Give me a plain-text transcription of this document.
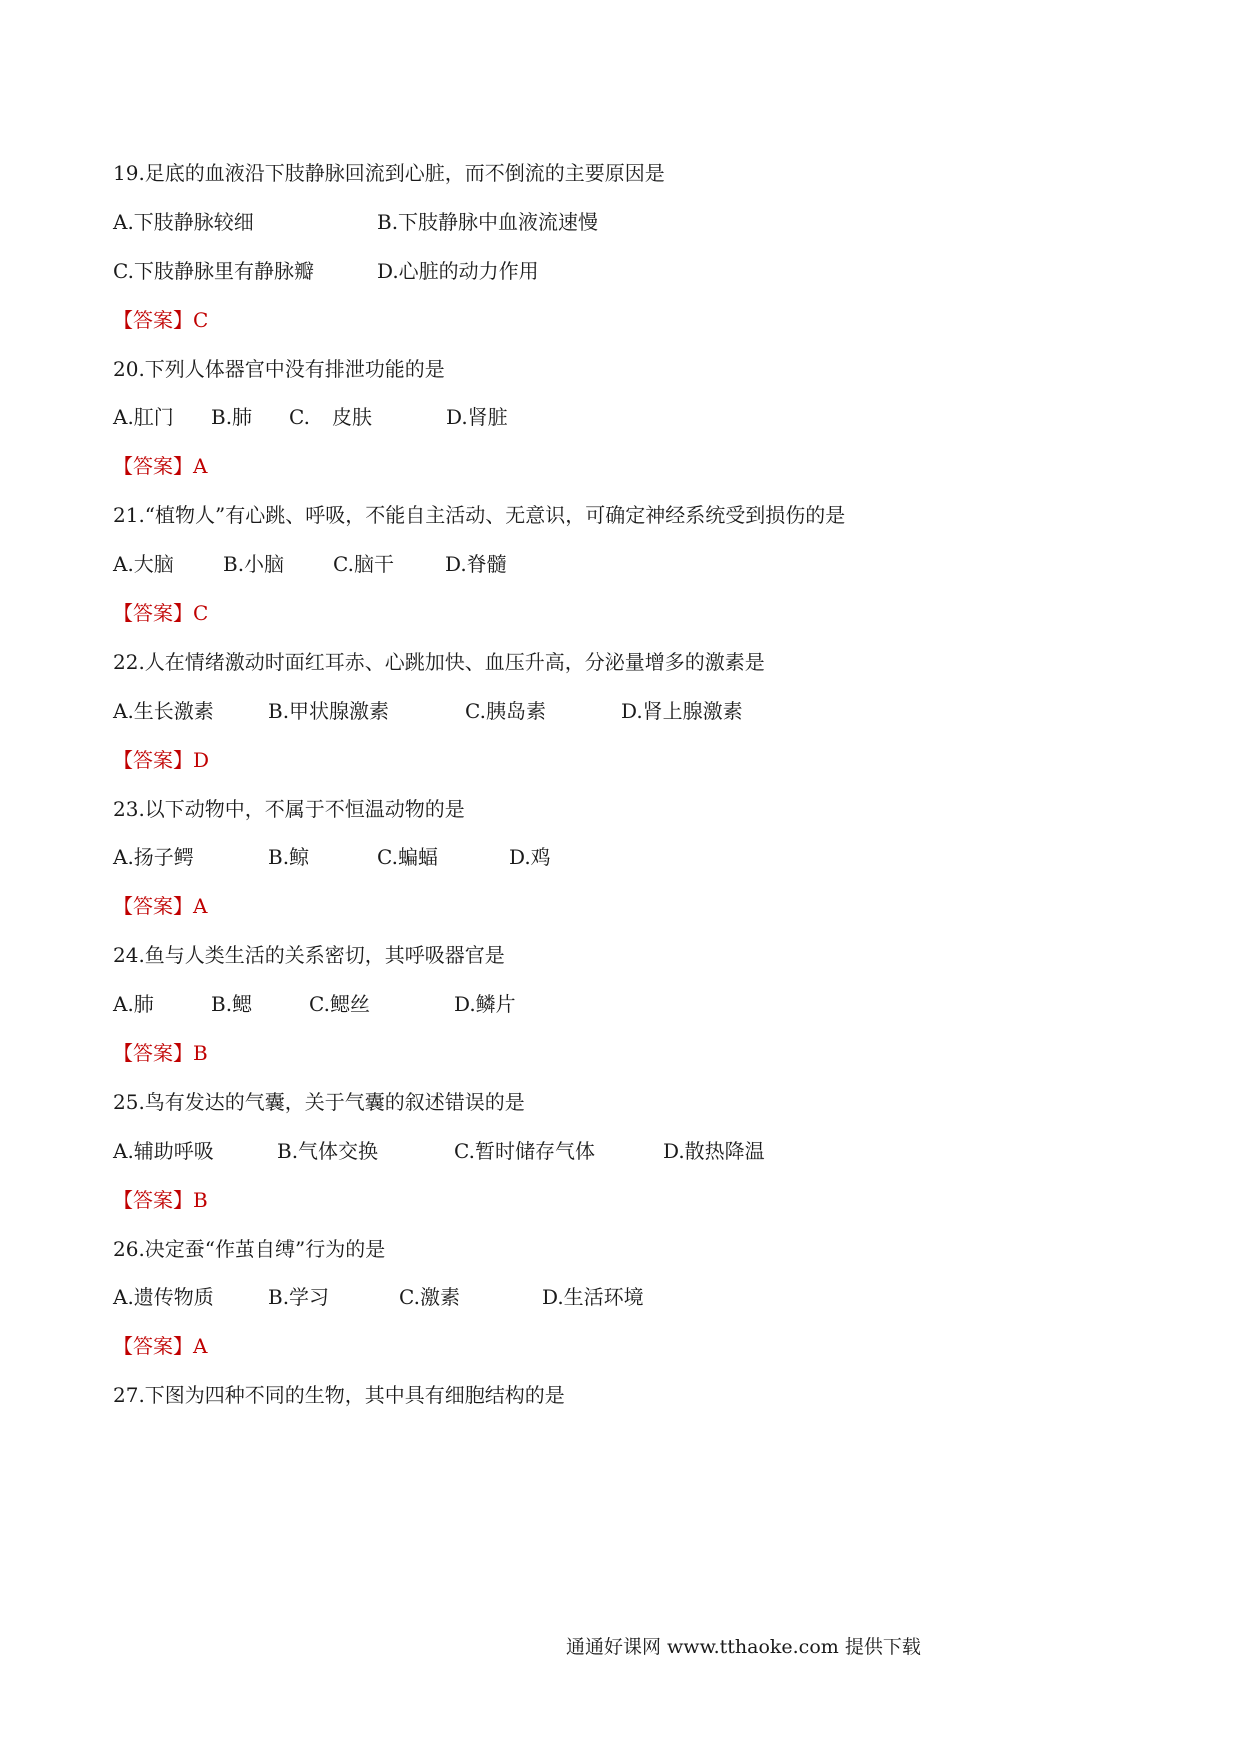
19.足底的血液沿下肢静脉回流到心脏，而不倒流的主要原因是
A.下肢静脉较细	B.下肢静脉中血液流速慢
C.下肢静脉里有静脉瓣	D.心脏的动力作用
【答案】C
20.下列人体器官中没有排泄功能的是
A.肛门 B.肺 C. 皮肤	D.肾脏
【答案】A
21.“植物人”有心跳、呼吸，不能自主活动、无意识，可确定神经系统受到损伤的是
A.大脑 B.小脑 C.脑干	D.脊髓
【答案】C
22.人在情绪激动时面红耳赤、心跳加快、血压升高，分泌量增多的激素是
A.生长激素	B.甲状腺激素	C.胰岛素	D.肾上腺激素
【答案】D
23.以下动物中，不属于不恒温动物的是
A.扬子鳄	B.鲸	C.蝙蝠	D.鸡
【答案】A
24.鱼与人类生活的关系密切，其呼吸器官是
A.肺	B.鳃	C.鳃丝	D.鳞片
【答案】B
25.鸟有发达的气囊，关于气囊的叙述错误的是
A.辅助呼吸	B.气体交换	C.暂时储存气体	D.散热降温
【答案】B
26.决定蚕“作茧自缚”行为的是
A.遗传物质	B.学习	C.激素	D.生活环境
【答案】A
27.下图为四种不同的生物，其中具有细胞结构的是
通通好课网 www.tthaoke.com 提供下载
